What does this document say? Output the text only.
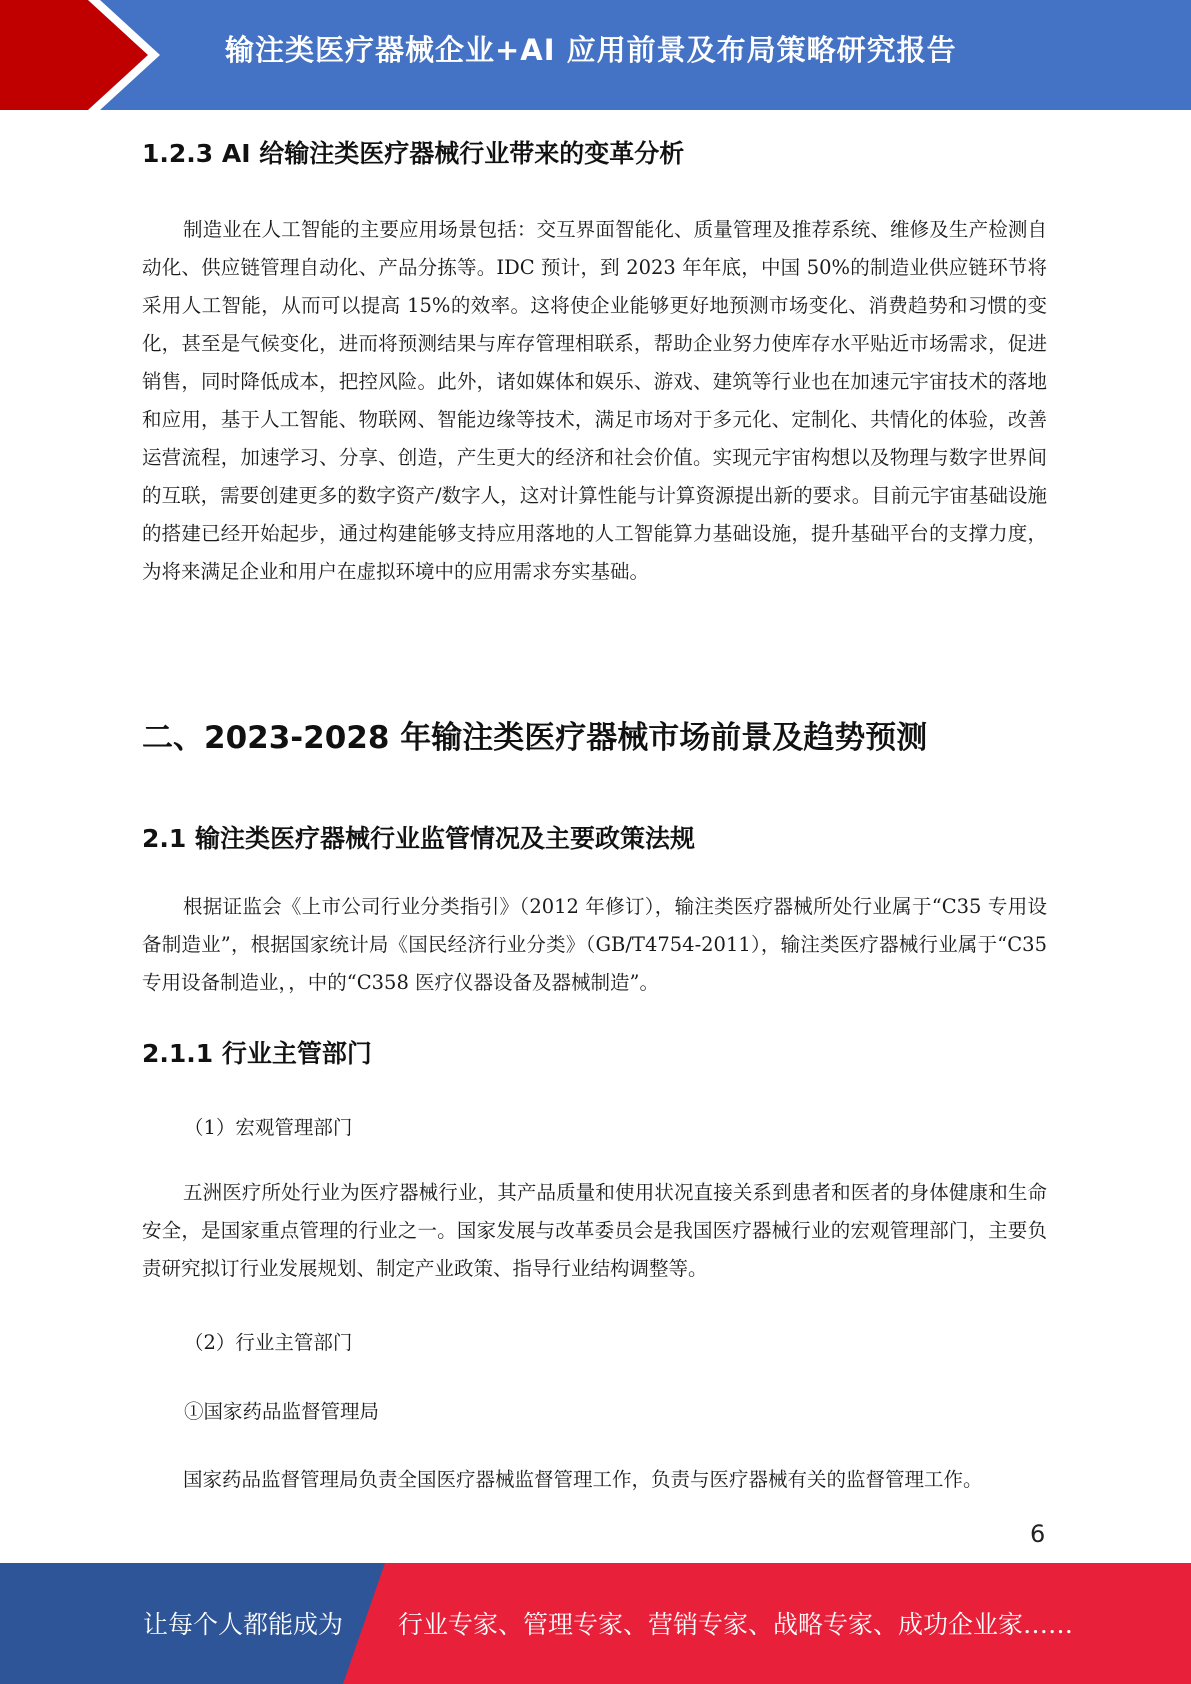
输注类医疗器械企业+AI 应用前景及布局策略研究报告
1.2.3 AI 给输注类医疗器械行业带来的变革分析

制造业在人工智能的主要应用场景包括：交互界面智能化、质量管理及推荐系统、维修及生产检测自动化、供应链管理自动化、产品分拣等。IDC 预计，到 2023 年年底，中国 50%的制造业供应链环节将采用人工智能，从而可以提高 15%的效率。这将使企业能够更好地预测市场变化、消费趋势和习惯的变化，甚至是气候变化，进而将预测结果与库存管理相联系，帮助企业努力使库存水平贴近市场需求，促进销售，同时降低成本，把控风险。此外，诸如媒体和娱乐、游戏、建筑等行业也在加速元宇宙技术的落地和应用，基于人工智能、物联网、智能边缘等技术，满足市场对于多元化、定制化、共情化的体验，改善运营流程，加速学习、分享、创造，产生更大的经济和社会价值。实现元宇宙构想以及物理与数字世界间的互联，需要创建更多的数字资产/数字人，这对计算性能与计算资源提出新的要求。目前元宇宙基础设施的搭建已经开始起步，通过构建能够支持应用落地的人工智能算力基础设施，提升基础平台的支撑力度，为将来满足企业和用户在虚拟环境中的应用需求夯实基础。

二、2023-2028 年输注类医疗器械市场前景及趋势预测
2.1 输注类医疗器械行业监管情况及主要政策法规

根据证监会《上市公司行业分类指引》（2012 年修订），输注类医疗器械所处行业属于“C35 专用设备制造业”，根据国家统计局《国民经济行业分类》（GB/T4754-2011），输注类医疗器械行业属于“C35 专用设备制造业，，中的“C358 医疗仪器设备及器械制造”。

2.1.1 行业主管部门
（1）宏观管理部门

五洲医疗所处行业为医疗器械行业，其产品质量和使用状况直接关系到患者和医者的身体健康和生命安全，是国家重点管理的行业之一。国家发展与改革委员会是我国医疗器械行业的宏观管理部门，主要负责研究拟订行业发展规划、制定产业政策、指导行业结构调整等。

（2）行业主管部门
①国家药品监督管理局

国家药品监督管理局负责全国医疗器械监督管理工作，负责与医疗器械有关的监督管理工作。

6
让每个人都能成为 行业专家、管理专家、营销专家、战略专家、成功企业家……
